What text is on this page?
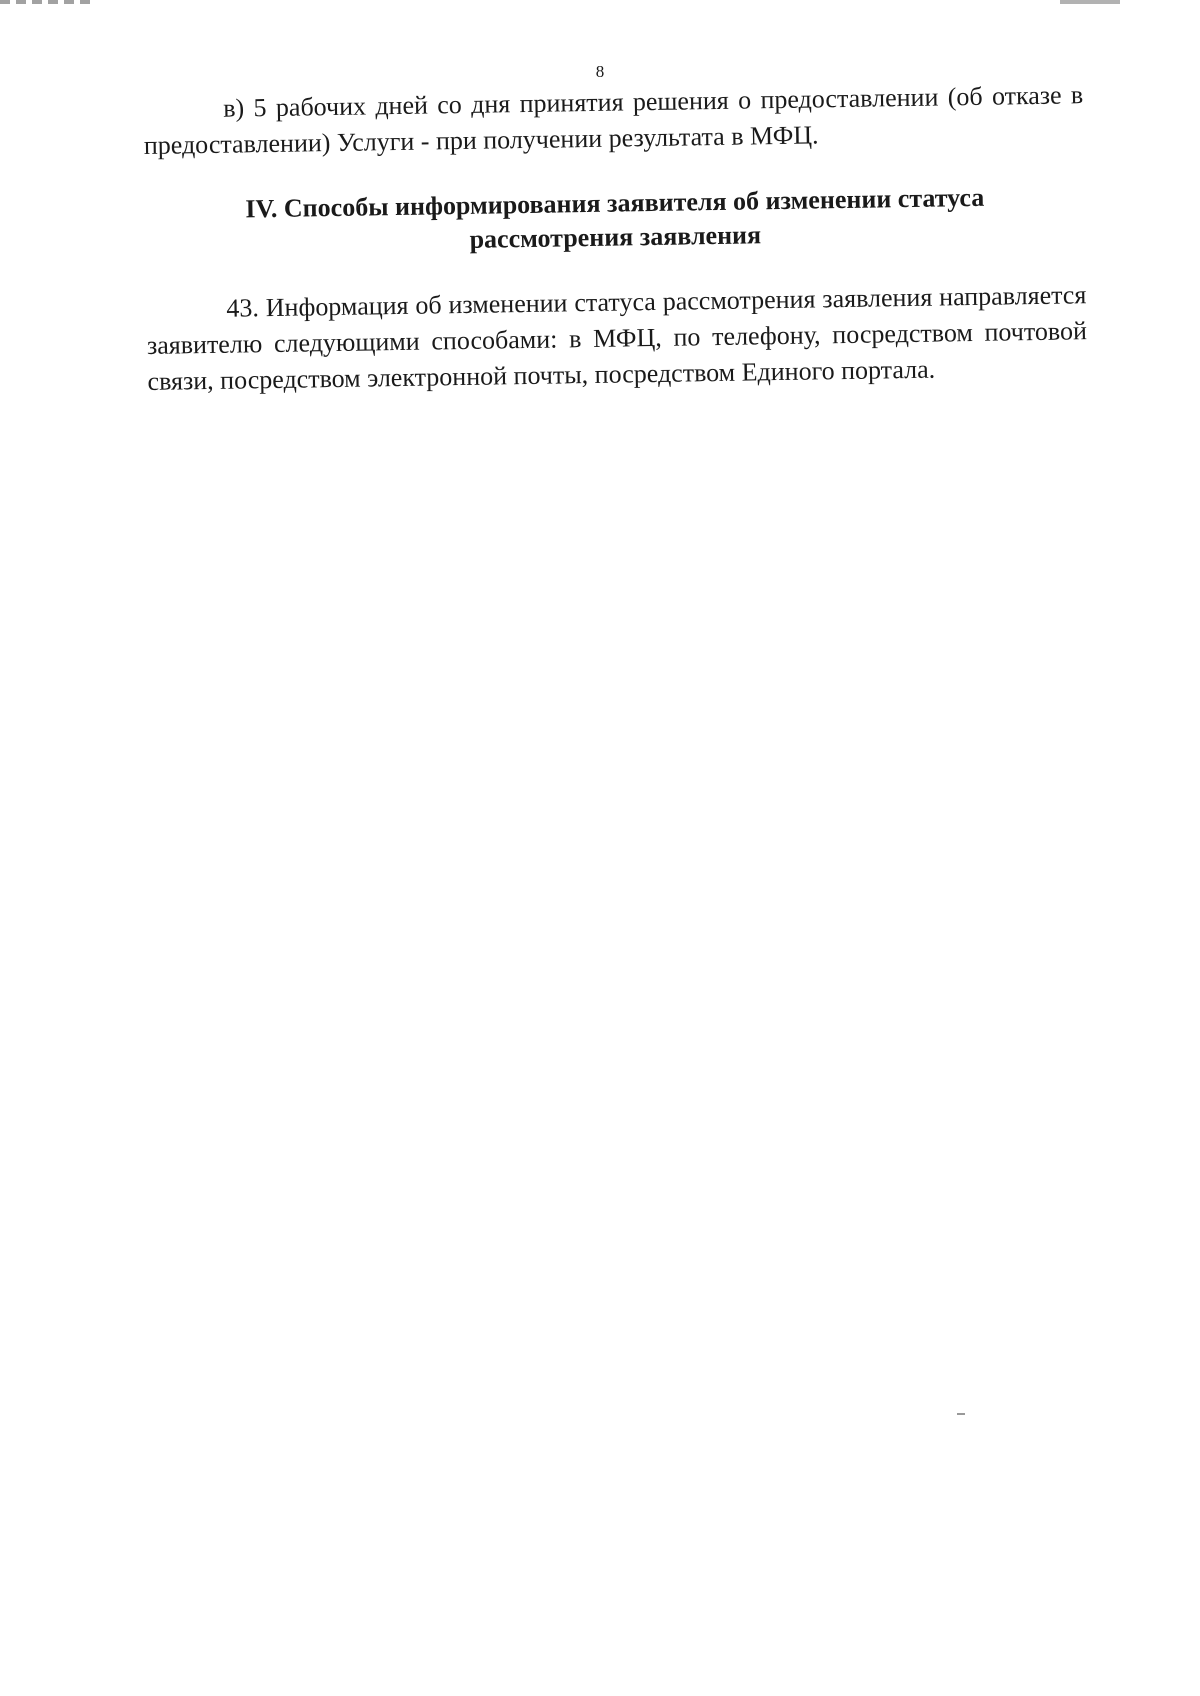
8

в) 5 рабочих дней со дня принятия решения о предоставлении (об отказе в предоставлении) Услуги - при получении результата в МФЦ.

IV. Способы информирования заявителя об изменении статуса
рассмотрения заявления

43. Информация об изменении статуса рассмотрения заявления направляется заявителю следующими способами: в МФЦ, по телефону, посредством почтовой связи, посредством электронной почты, посредством Единого портала.
